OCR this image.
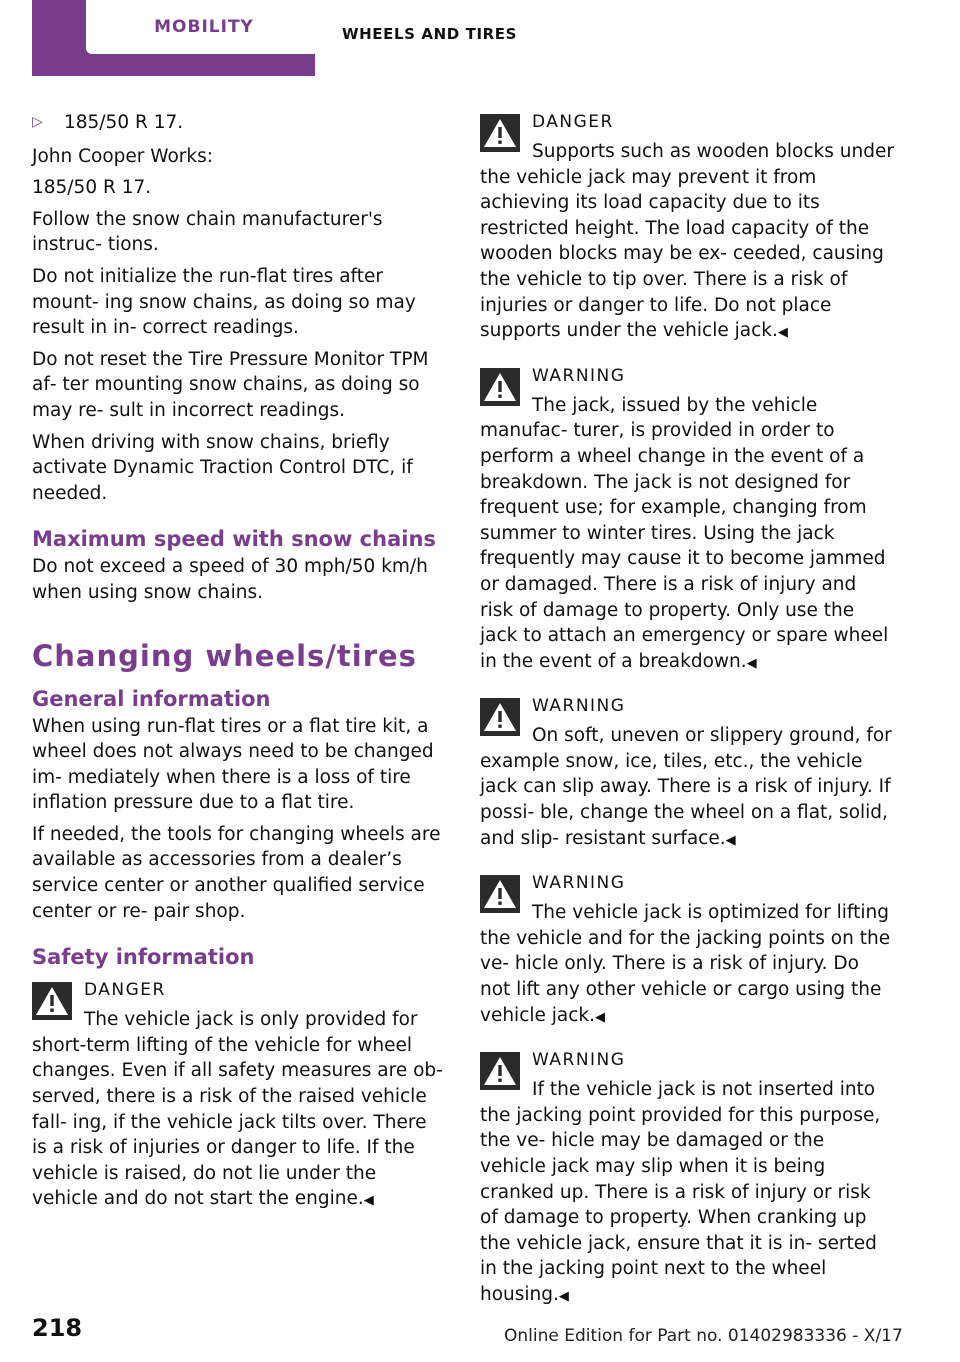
MOBILITY	WHEELS AND TIRES
▷	185/50 R 17.

John Cooper Works:

185/50 R 17.

Follow the snow chain manufacturer's instruc‐ tions.

Do not initialize the run-flat tires after mount‐ ing snow chains, as doing so may result in in‐ correct readings.

Do not reset the Tire Pressure Monitor TPM af‐ ter mounting snow chains, as doing so may re‐ sult in incorrect readings.

When driving with snow chains, briefly activate Dynamic Traction Control DTC, if needed.

Maximum speed with snow chains

Do not exceed a speed of 30 mph/50 km/h when using snow chains.

Changing wheels/tires
General information

When using run-flat tires or a flat tire kit, a wheel does not always need to be changed im‐ mediately when there is a loss of tire inflation pressure due to a flat tire.

If needed, the tools for changing wheels are available as accessories from a dealer’s service center or another qualified service center or re‐ pair shop.

Safety information
DANGER
The vehicle jack is only provided for short-term lifting of the vehicle for wheel changes. Even if all safety measures are ob‐ served, there is a risk of the raised vehicle fall‐ ing, if the vehicle jack tilts over. There is a risk of injuries or danger to life. If the vehicle is raised, do not lie under the vehicle and do not start the engine.◀
DANGER
Supports such as wooden blocks under the vehicle jack may prevent it from achieving its load capacity due to its restricted height. The load capacity of the wooden blocks may be ex‐ ceeded, causing the vehicle to tip over. There is a risk of injuries or danger to life. Do not place supports under the vehicle jack.◀
WARNING
The jack, issued by the vehicle manufac‐ turer, is provided in order to perform a wheel change in the event of a breakdown. The jack is not designed for frequent use; for example, changing from summer to winter tires. Using the jack frequently may cause it to become jammed or damaged. There is a risk of injury and risk of damage to property. Only use the jack to attach an emergency or spare wheel in the event of a breakdown.◀
WARNING
On soft, uneven or slippery ground, for example snow, ice, tiles, etc., the vehicle jack can slip away. There is a risk of injury. If possi‐ ble, change the wheel on a flat, solid, and slip- resistant surface.◀
WARNING
The vehicle jack is optimized for lifting the vehicle and for the jacking points on the ve‐ hicle only. There is a risk of injury. Do not lift any other vehicle or cargo using the vehicle jack.◀
WARNING
If the vehicle jack is not inserted into the jacking point provided for this purpose, the ve‐ hicle may be damaged or the vehicle jack may slip when it is being cranked up. There is a risk of injury or risk of damage to property. When cranking up the vehicle jack, ensure that it is in‐ serted in the jacking point next to the wheel housing.◀
218	Online Edition for Part no. 01402983336 - X/17
